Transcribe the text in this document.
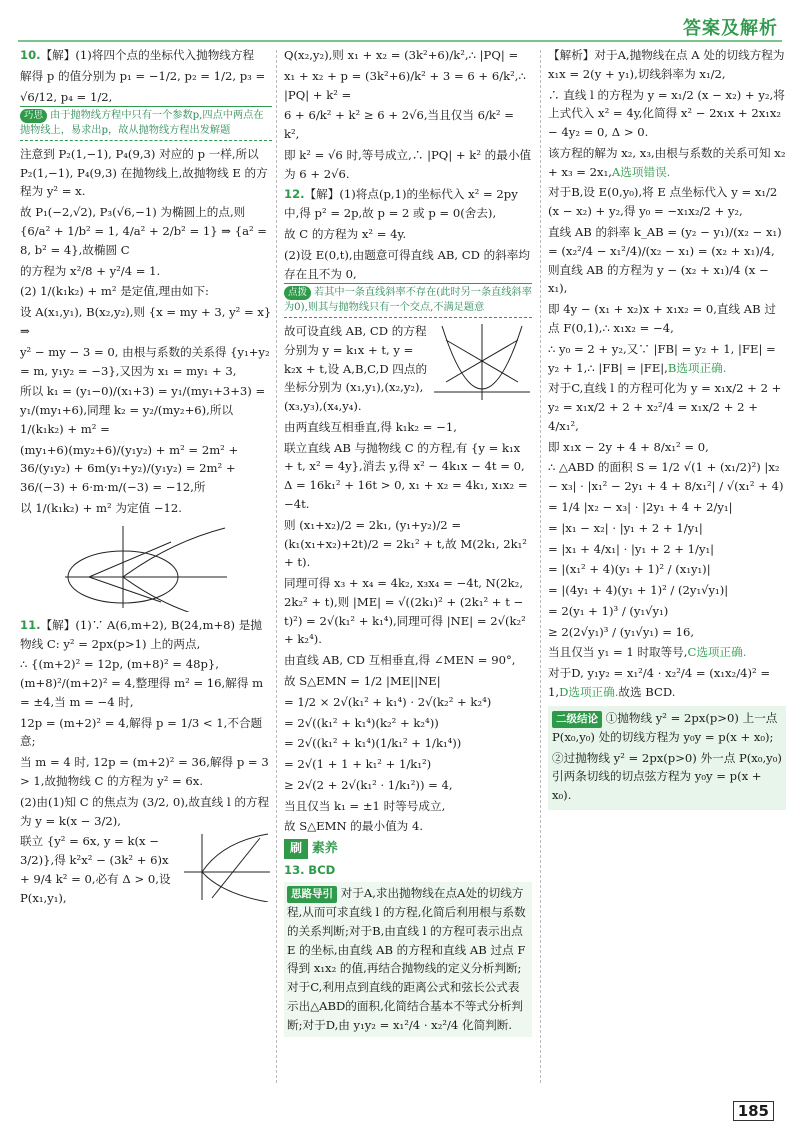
答案及解析

10.【解】(1)将四个点的坐标代入抛物线方程

解得 p 的值分别为 p₁ = −1/2, p₂ = 1/2, p₃ =

√6/12, p₄ = 1/2,

巧思 由于抛物线方程中只有一个参数p,四点中两点在抛物线上，易求出p，故从抛物线方程出发解题

注意到 P₂(1,−1), P₄(9,3) 对应的 p 一样,所以 P₂(1,−1), P₄(9,3) 在抛物线上,故抛物线 E 的方程为 y² = x.

故 P₁(−2,√2), P₃(√6,−1) 为椭圆上的点,则 {6/a² + 1/b² = 1, 4/a² + 2/b² = 1} ⇒ {a² = 8, b² = 4},故椭圆 C

的方程为 x²/8 + y²/4 = 1.

(2) 1/(k₁k₂) + m² 是定值,理由如下:

设 A(x₁,y₁), B(x₂,y₂),则 {x = my + 3, y² = x} ⇒

y² − my − 3 = 0, 由根与系数的关系得 {y₁+y₂ = m, y₁y₂ = −3},又因为 x₁ = my₁ + 3,

所以 k₁ = (y₁−0)/(x₁+3) = y₁/(my₁+3+3) = y₁/(my₁+6),同理 k₂ = y₂/(my₂+6),所以 1/(k₁k₂) + m² =

(my₁+6)(my₂+6)/(y₁y₂) + m² = 2m² + 36/(y₁y₂) + 6m(y₁+y₂)/(y₁y₂) = 2m² + 36/(−3) + 6·m·m/(−3) = −12,所

以 1/(k₁k₂) + m² 为定值 −12.

11.【解】(1)∵ A(6,m+2), B(24,m+8) 是抛物线 C: y² = 2px(p>1) 上的两点,

∴ {(m+2)² = 12p, (m+8)² = 48p}, (m+8)²/(m+2)² = 4,整理得 m² = 16,解得 m = ±4,当 m = −4 时,

12p = (m+2)² = 4,解得 p = 1/3 < 1,不合题意;

当 m = 4 时, 12p = (m+2)² = 36,解得 p = 3 > 1,故抛物线 C 的方程为 y² = 6x.

(2)由(1)知 C 的焦点为 (3/2, 0),故直线 l 的方程为 y = k(x − 3/2),

联立 {y² = 6x, y = k(x − 3/2)},得 k²x² − (3k² + 6)x + 9/4 k² = 0,必有 Δ > 0,设 P(x₁,y₁),

Q(x₂,y₂),则 x₁ + x₂ = (3k²+6)/k²,∴ |PQ| =

x₁ + x₂ + p = (3k²+6)/k² + 3 = 6 + 6/k²,∴ |PQ| + k² =

6 + 6/k² + k² ≥ 6 + 2√6,当且仅当 6/k² = k²,

即 k² = √6 时,等号成立,∴ |PQ| + k² 的最小值为 6 + 2√6.

12.【解】(1)将点(p,1)的坐标代入 x² = 2py 中,得 p² = 2p,故 p = 2 或 p = 0(舍去),

故 C 的方程为 x² = 4y.

(2)设 E(0,t),由题意可得直线 AB, CD 的斜率均存在且不为 0,

点拨 若其中一条直线斜率不存在(此时另一条直线斜率为0),则其与抛物线只有一个交点,不满足题意

故可设直线 AB, CD 的方程分别为 y = k₁x + t, y = k₂x + t,设 A,B,C,D 四点的坐标分别为 (x₁,y₁),(x₂,y₂),(x₃,y₃),(x₄,y₄).

由两直线互相垂直,得 k₁k₂ = −1,

联立直线 AB 与抛物线 C 的方程,有 {y = k₁x + t, x² = 4y},消去 y,得 x² − 4k₁x − 4t = 0, Δ = 16k₁² + 16t > 0, x₁ + x₂ = 4k₁, x₁x₂ = −4t.

则 (x₁+x₂)/2 = 2k₁, (y₁+y₂)/2 = (k₁(x₁+x₂)+2t)/2 = 2k₁² + t,故 M(2k₁, 2k₁² + t).

同理可得 x₃ + x₄ = 4k₂, x₃x₄ = −4t, N(2k₂, 2k₂² + t),则 |ME| = √((2k₁)² + (2k₁² + t − t)²) = 2√(k₁² + k₁⁴),同理可得 |NE| = 2√(k₂² + k₂⁴).

由直线 AB, CD 互相垂直,得 ∠MEN = 90°,

故 S△EMN = 1/2 |ME||NE|

= 1/2 × 2√(k₁² + k₁⁴) · 2√(k₂² + k₂⁴)

= 2√((k₁² + k₁⁴)(k₂² + k₂⁴))

= 2√((k₁² + k₁⁴)(1/k₁² + 1/k₁⁴))

= 2√(1 + 1 + k₁² + 1/k₁²)

≥ 2√(2 + 2√(k₁² · 1/k₁²)) = 4,

当且仅当 k₁ = ±1 时等号成立,

故 S△EMN 的最小值为 4.

刷 素养

13. BCD

思路导引 对于A,求出抛物线在点A处的切线方程,从而可求直线 l 的方程,化简后利用根与系数的关系判断;对于B,由直线 l 的方程可表示出点 E 的坐标,由直线 AB 的方程和直线 AB 过点 F 得到 x₁x₂ 的值,再结合抛物线的定义分析判断;对于C,利用点到直线的距离公式和弦长公式表示出△ABD的面积,化简结合基本不等式分析判断;对于D,由 y₁y₂ = x₁²/4 · x₂²/4 化简判断.

【解析】对于A,抛物线在点 A 处的切线方程为 x₁x = 2(y + y₁),切线斜率为 x₁/2,

∴ 直线 l 的方程为 y = x₁/2 (x − x₂) + y₂,将上式代入 x² = 4y,化简得 x² − 2x₁x + 2x₁x₂ − 4y₂ = 0, Δ > 0.

该方程的解为 x₂, x₃,由根与系数的关系可知 x₂ + x₃ = 2x₁,A选项错误.

对于B,设 E(0,y₀),将 E 点坐标代入 y = x₁/2 (x − x₂) + y₂,得 y₀ = −x₁x₂/2 + y₂,

直线 AB 的斜率 k_AB = (y₂ − y₁)/(x₂ − x₁) = (x₂²/4 − x₁²/4)/(x₂ − x₁) = (x₂ + x₁)/4,则直线 AB 的方程为 y − (x₂ + x₁)/4 (x − x₁),

即 4y − (x₁ + x₂)x + x₁x₂ = 0,直线 AB 过点 F(0,1),∴ x₁x₂ = −4,

∴ y₀ = 2 + y₂,又∵ |FB| = y₂ + 1, |FE| = y₂ + 1,∴ |FB| = |FE|,B选项正确.

对于C,直线 l 的方程可化为 y = x₁x/2 + 2 + y₂ = x₁x/2 + 2 + x₂²/4 = x₁x/2 + 2 + 4/x₁²,

即 x₁x − 2y + 4 + 8/x₁² = 0,

∴ △ABD 的面积 S = 1/2 √(1 + (x₁/2)²) |x₂ − x₃| · |x₁² − 2y₁ + 4 + 8/x₁²| / √(x₁² + 4)

= 1/4 |x₂ − x₃| · |2y₁ + 4 + 2/y₁|

= |x₁ − x₂| · |y₁ + 2 + 1/y₁|

= |x₁ + 4/x₁| · |y₁ + 2 + 1/y₁|

= |(x₁² + 4)(y₁ + 1)² / (x₁y₁)|

= |(4y₁ + 4)(y₁ + 1)² / (2y₁√y₁)|

= 2(y₁ + 1)³ / (y₁√y₁)

≥ 2(2√y₁)³ / (y₁√y₁) = 16,

当且仅当 y₁ = 1 时取等号,C选项正确.

对于D, y₁y₂ = x₁²/4 · x₂²/4 = (x₁x₂/4)² = 1,D选项正确.故选 BCD.

二级结论 ①抛物线 y² = 2px(p>0) 上一点 P(x₀,y₀) 处的切线方程为 y₀y = p(x + x₀);

②过抛物线 y² = 2px(p>0) 外一点 P(x₀,y₀) 引两条切线的切点弦方程为 y₀y = p(x + x₀).

185
